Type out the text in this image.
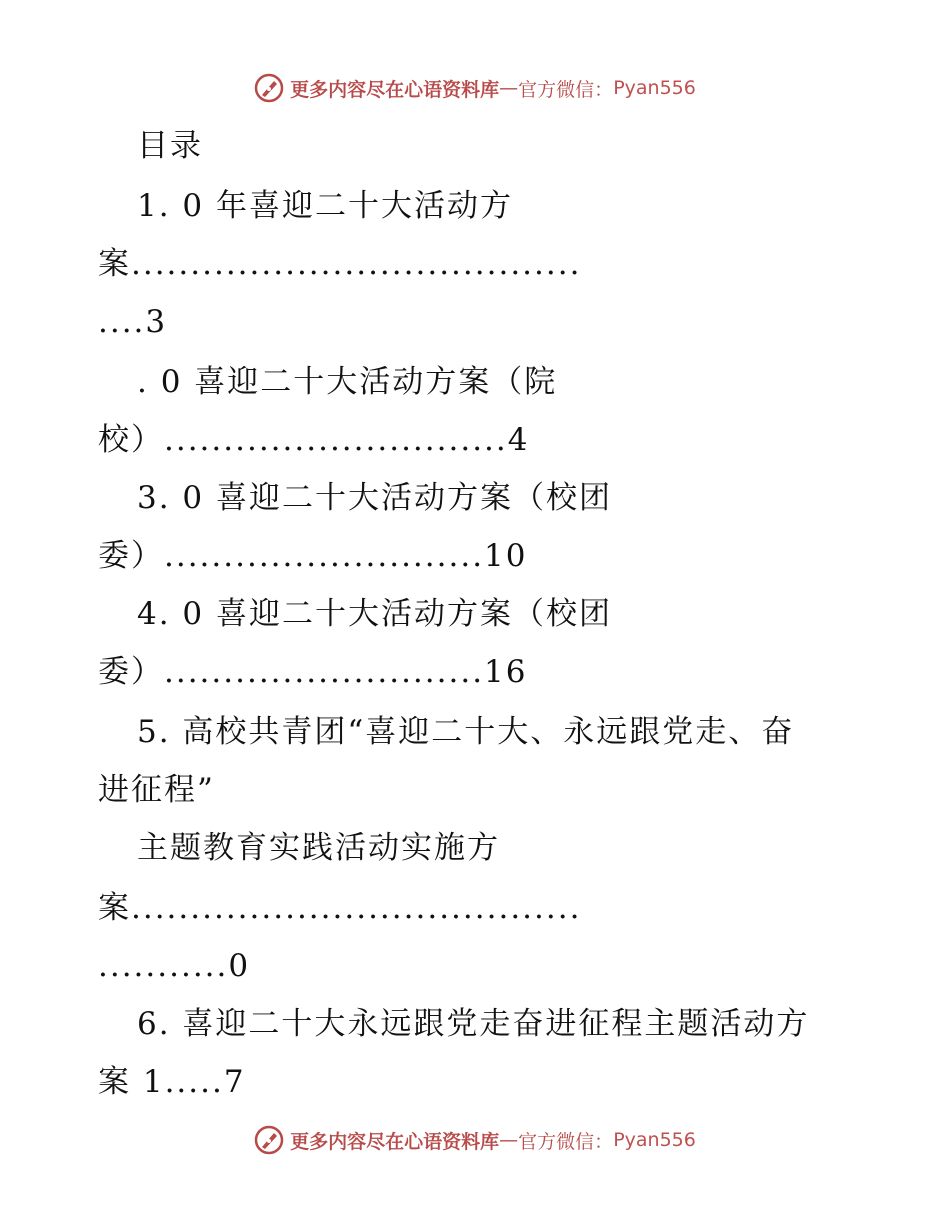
更多内容尽在心语资料库 — 官方微信： Pyan556
目录
1. 0 年喜迎二十大活动方
案......................................
....3
. 0 喜迎二十大活动方案（院
校）.............................4
3. 0 喜迎二十大活动方案（校团
委）...........................10
4. 0 喜迎二十大活动方案（校团
委）...........................16
5. 高校共青团“喜迎二十大、永远跟党走、奋
进征程”
主题教育实践活动实施方
案......................................
...........0
6. 喜迎二十大永远跟党走奋进征程主题活动方
案 1.....7
更多内容尽在心语资料库 — 官方微信： Pyan556
